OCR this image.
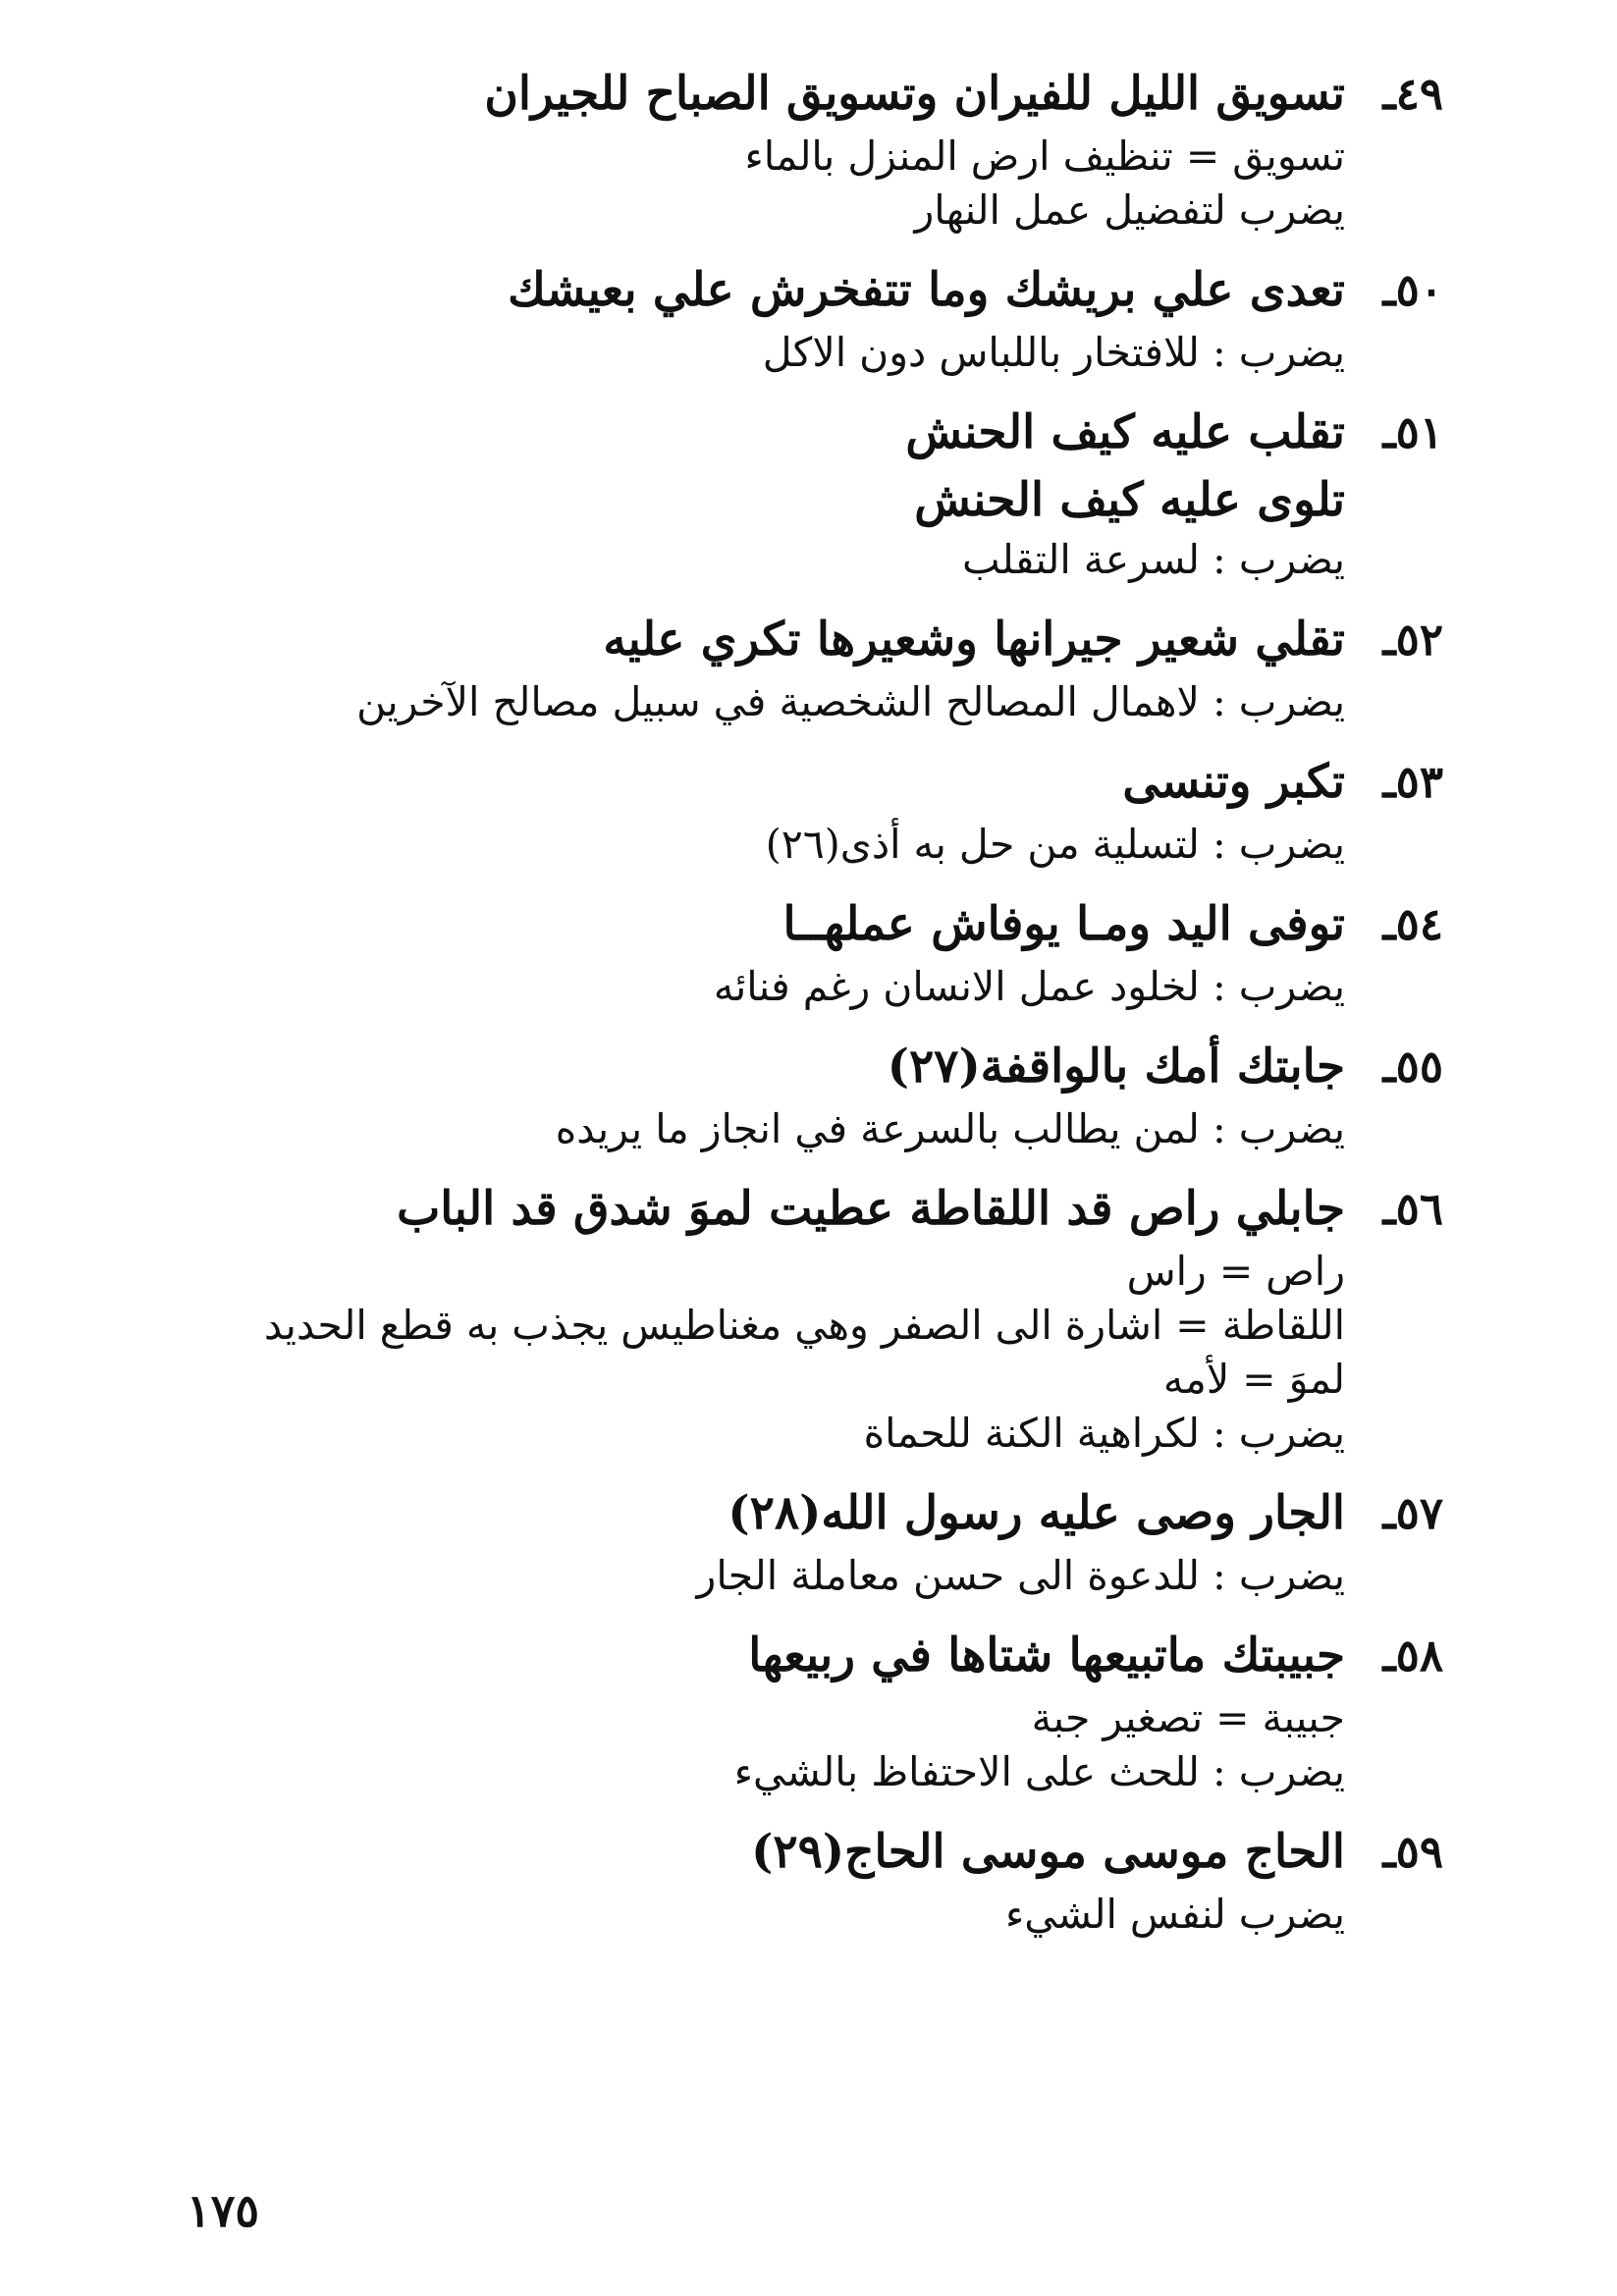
٤٩ـ
تسويق الليل للفيران وتسويق الصباح للجيران
تسويق = تنظيف ارض المنزل بالماء
يضرب لتفضيل عمل النهار
٥٠ـ
تعدى علي بريشك وما تتفخرش علي بعيشك
يضرب : للافتخار باللباس دون الاكل
٥١ـ
تقلب عليه كيف الحنش
تلوى عليه كيف الحنش
يضرب : لسرعة التقلب
٥٢ـ
تقلي شعير جيرانها وشعيرها تكري عليه
يضرب : لاهمال المصالح الشخصية في سبيل مصالح الآخرين
٥٣ـ
تكبر وتنسى
يضرب : لتسلية من حل به أذى(٢٦)
٥٤ـ
توفى اليد ومـا يوفاش عملهــا
يضرب : لخلود عمل الانسان رغم فنائه
٥٥ـ
جابتك أمك بالواقفة(٢٧)
يضرب : لمن يطالب بالسرعة في انجاز ما يريده
٥٦ـ
جابلي راص قد اللقاطة عطيت لموَ شدق قد الباب
راص = راس
اللقاطة = اشارة الى الصفر وهي مغناطيس يجذب به قطع الحديد
لموَ = لأمه
يضرب : لكراهية الكنة للحماة
٥٧ـ
الجار وصى عليه رسول الله(٢٨)
يضرب : للدعوة الى حسن معاملة الجار
٥٨ـ
جبيبتك ماتبيعها شتاها في ربيعها
جبيبة = تصغير جبة
يضرب : للحث على الاحتفاظ بالشيء
٥٩ـ
الحاج موسى موسى الحاج(٢٩)
يضرب لنفس الشيء
١٧٥
